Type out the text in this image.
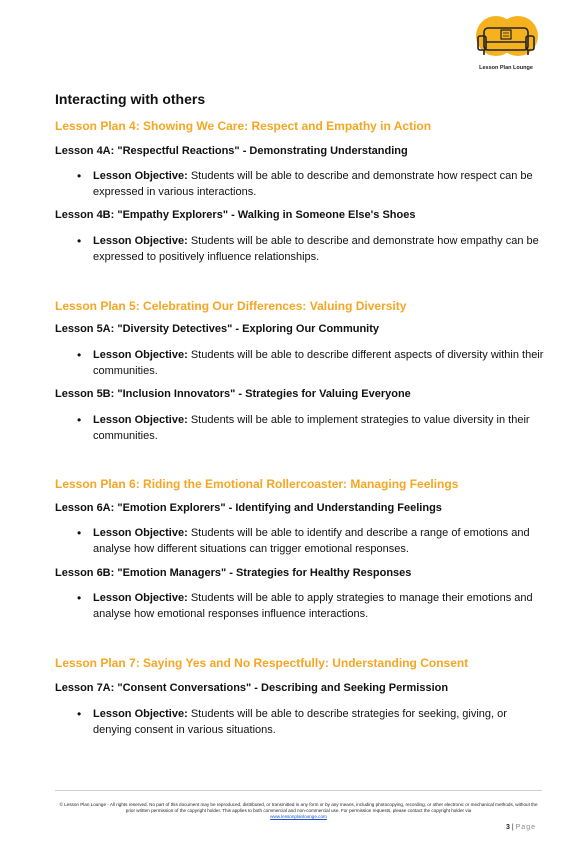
Lesson Plan Lounge
Interacting with others
Lesson Plan 4: Showing We Care: Respect and Empathy in Action
Lesson 4A: "Respectful Reactions" - Demonstrating Understanding
• Lesson Objective: Students will be able to describe and demonstrate how respect can be expressed in various interactions.
Lesson 4B: "Empathy Explorers" - Walking in Someone Else's Shoes
• Lesson Objective: Students will be able to describe and demonstrate how empathy can be expressed to positively influence relationships.
Lesson Plan 5: Celebrating Our Differences: Valuing Diversity
Lesson 5A: "Diversity Detectives" - Exploring Our Community
• Lesson Objective: Students will be able to describe different aspects of diversity within their communities.
Lesson 5B: "Inclusion Innovators" - Strategies for Valuing Everyone
• Lesson Objective: Students will be able to implement strategies to value diversity in their communities.
Lesson Plan 6: Riding the Emotional Rollercoaster: Managing Feelings
Lesson 6A: "Emotion Explorers" - Identifying and Understanding Feelings
• Lesson Objective: Students will be able to identify and describe a range of emotions and analyse how different situations can trigger emotional responses.
Lesson 6B: "Emotion Managers" - Strategies for Healthy Responses
• Lesson Objective: Students will be able to apply strategies to manage their emotions and analyse how emotional responses influence interactions.
Lesson Plan 7: Saying Yes and No Respectfully: Understanding Consent
Lesson 7A: "Consent Conversations" - Describing and Seeking Permission
• Lesson Objective: Students will be able to describe strategies for seeking, giving, or denying consent in various situations.
© Lesson Plan Lounge - All rights reserved. No part of this document may be reproduced, distributed, or transmitted in any form or by any means, including photocopying, recording, or other electronic or mechanical methods, without the prior written permission of the copyright holder. This applies to both commercial and non-commercial use. For permission requests, please contact the copyright holder via
www.lessonplanlounge.com
3 | Page
